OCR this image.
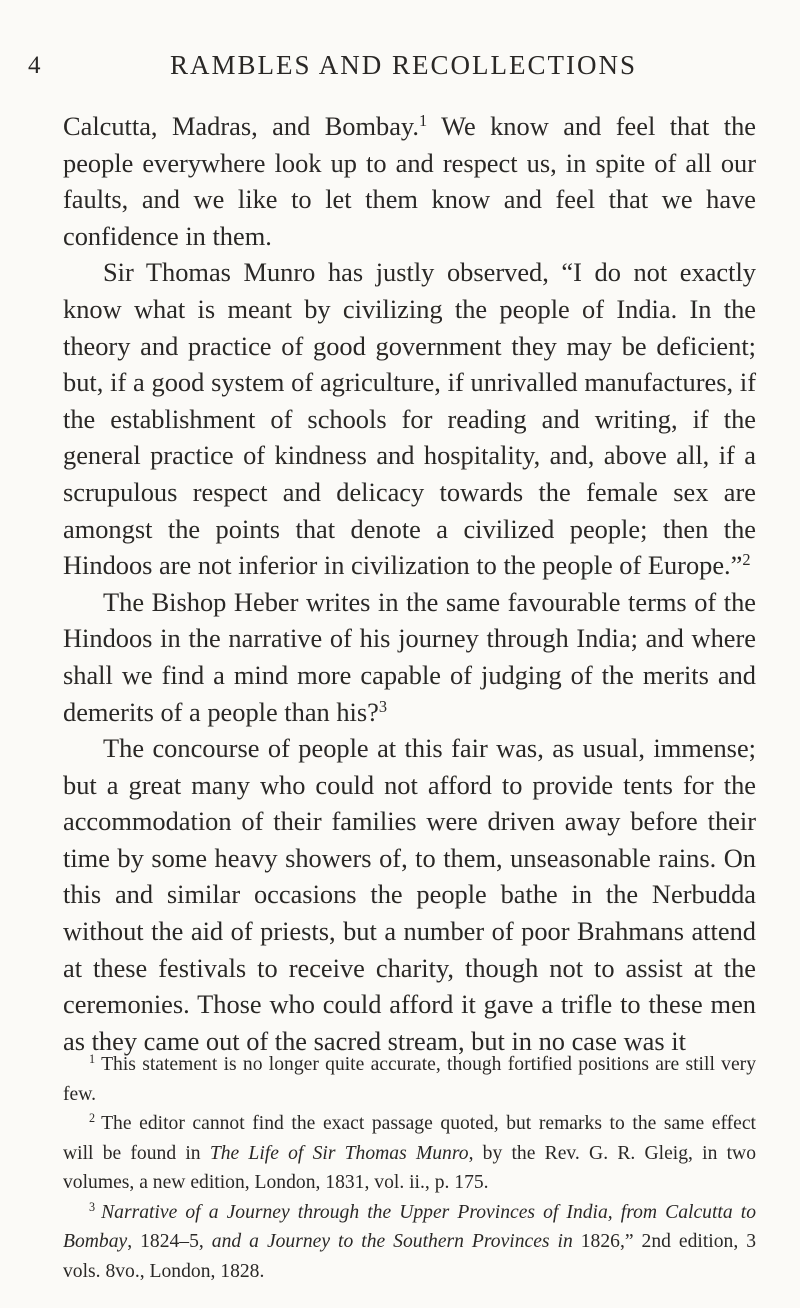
4	RAMBLES AND RECOLLECTIONS

Calcutta, Madras, and Bombay.$^1$ We know and feel that the people everywhere look up to and respect us, in spite of all our faults, and we like to let them know and feel that we have confidence in them.

Sir Thomas Munro has justly observed, “I do not exactly know what is meant by civilizing the people of India. In the theory and practice of good government they may be deficient; but, if a good system of agriculture, if unrivalled manufactures, if the establishment of schools for reading and writing, if the general practice of kindness and hospitality, and, above all, if a scrupulous respect and delicacy towards the female sex are amongst the points that denote a civilized people; then the Hindoos are not inferior in civilization to the people of Europe.”$^2$

The Bishop Heber writes in the same favourable terms of the Hindoos in the narrative of his journey through India; and where shall we find a mind more capable of judging of the merits and demerits of a people than his?$^3$

The concourse of people at this fair was, as usual, immense; but a great many who could not afford to provide tents for the accommodation of their families were driven away before their time by some heavy showers of, to them, unseasonable rains. On this and similar occasions the people bathe in the Nerbudda without the aid of priests, but a number of poor Brahmans attend at these festivals to receive charity, though not to assist at the ceremonies. Those who could afford it gave a trifle to these men as they came out of the sacred stream, but in no case was it

$^1$ This statement is no longer quite accurate, though fortified positions are still very few.

$^2$ The editor cannot find the exact passage quoted, but remarks to the same effect will be found in The Life of Sir Thomas Munro, by the Rev. G. R. Gleig, in two volumes, a new edition, London, 1831, vol. ii., p. 175.

$^3$ Narrative of a Journey through the Upper Provinces of India, from Calcutta to Bombay, 1824–5, and a Journey to the Southern Provinces in 1826,” 2nd edition, 3 vols. 8vo., London, 1828.
